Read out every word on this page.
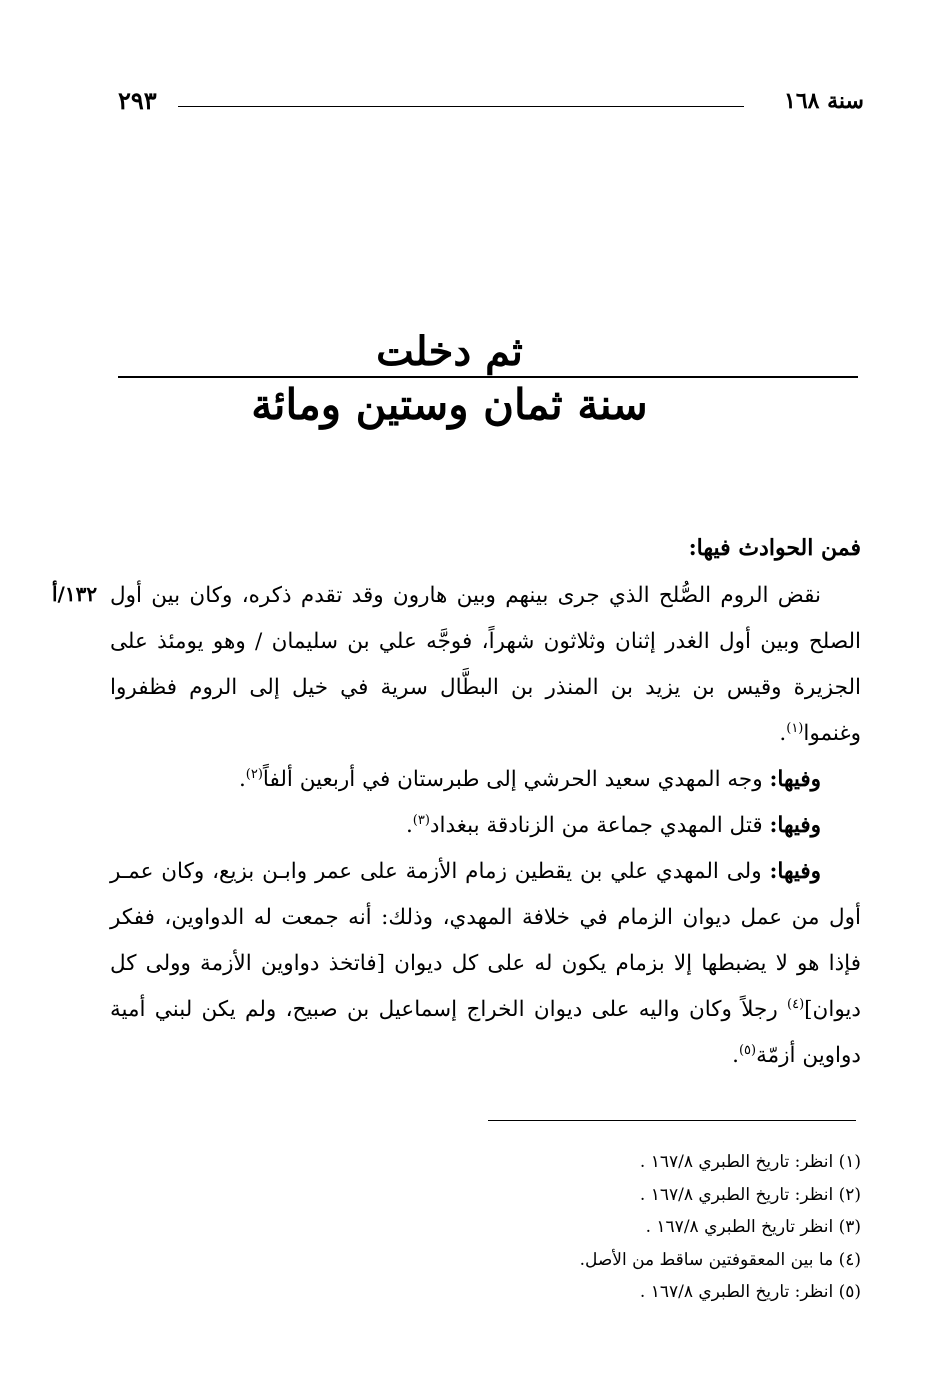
سنة ١٦٨
٢٩٣
ثم دخلت
سنة ثمان وستين ومائة
١٣٢/أ

فمن الحوادث فيها:

نقض الروم الصُّلح الذي جرى بينهم وبين هارون وقد تقدم ذكره، وكان بين أول الصلح وبين أول الغدر إثنان وثلاثون شهراً، فوجَّه علي بن سليمان / وهو يومئذ على الجزيرة وقيس بن يزيد بن المنذر بن البطَّال سرية في خيل إلى الروم فظفروا وغنموا$^{(١)}$.

وفيها: وجه المهدي سعيد الحرشي إلى طبرستان في أربعين ألفاً$^{(٢)}$.

وفيها: قتل المهدي جماعة من الزنادقة ببغداد$^{(٣)}$.

وفيها: ولى المهدي علي بن يقطين زمام الأزمة على عمر وابـن بزيع، وكان عمـر أول من عمل ديوان الزمام في خلافة المهدي، وذلك: أنه جمعت له الدواوين، ففكر فإذا هو لا يضبطها إلا بزمام يكون له على كل ديوان [فاتخذ دواوين الأزمة وولى كل ديوان]$^{(٤)}$ رجلاً وكان واليه على ديوان الخراج إسماعيل بن صبيح، ولم يكن لبني أمية دواوين أزمّة$^{(٥)}$.

(١) انظر: تاريخ الطبري ١٦٧/٨ .
(٢) انظر: تاريخ الطبري ١٦٧/٨ .
(٣) انظر تاريخ الطبري ١٦٧/٨ .
(٤) ما بين المعقوفتين ساقط من الأصل.
(٥) انظر: تاريخ الطبري ١٦٧/٨ .
